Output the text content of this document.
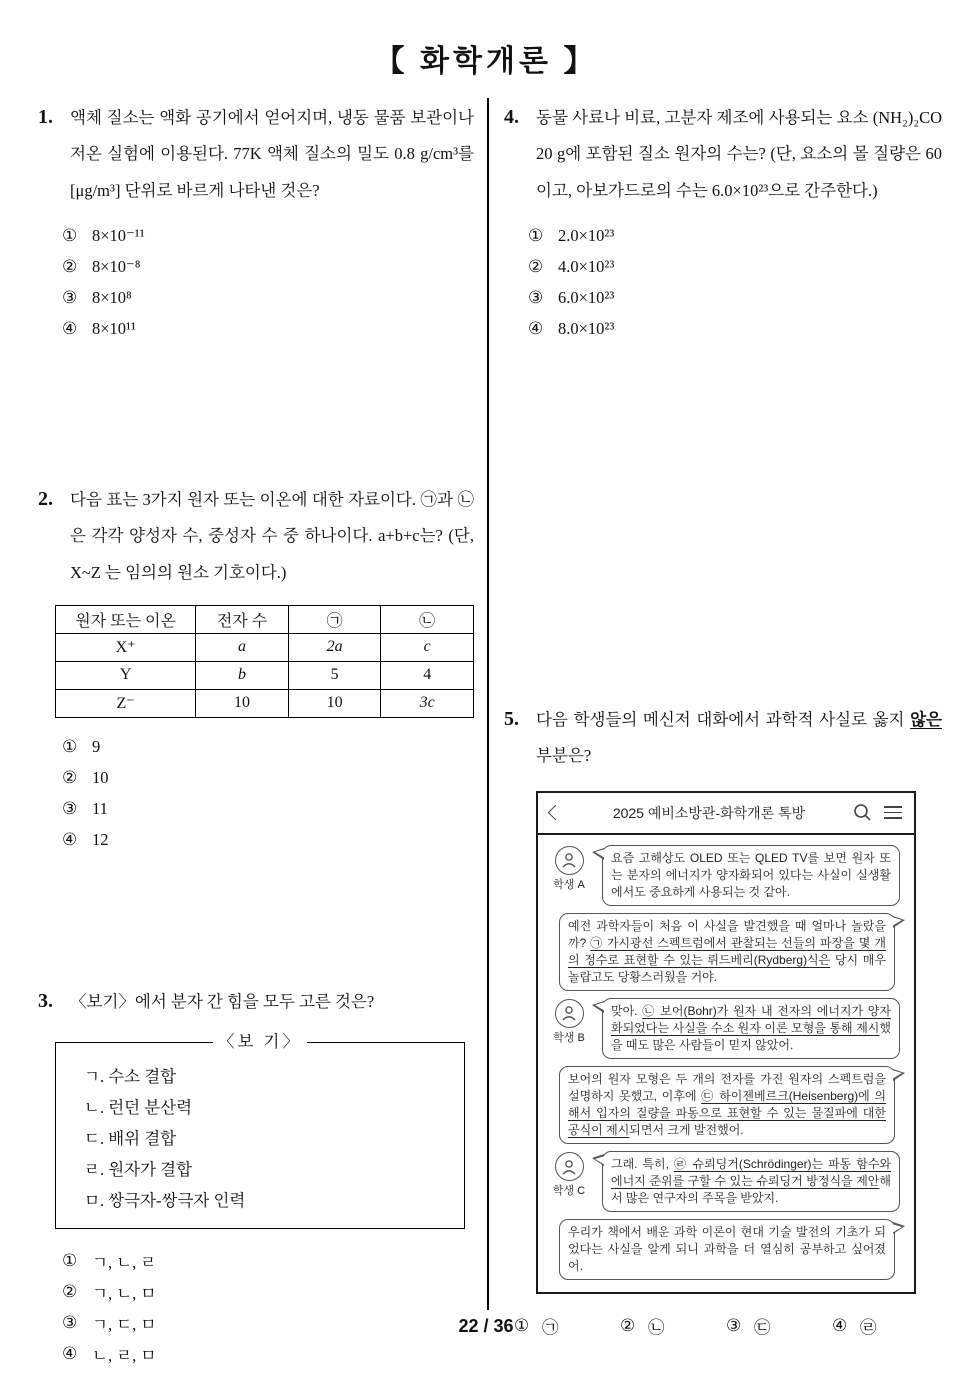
【 화학개론 】
1.	액체 질소는 액화 공기에서 얻어지며, 냉동 물품 보관이나 저온 실험에 이용된다. 77K 액체 질소의 밀도 0.8 g/cm³를 [μg/m³] 단위로 바르게 나타낸 것은?
① 8×10⁻¹¹
② 8×10⁻⁸
③ 8×10⁸
④ 8×10¹¹
2.	다음 표는 3가지 원자 또는 이온에 대한 자료이다. ㉠과 ㉡은 각각 양성자 수, 중성자 수 중 하나이다. a+b+c는? (단, X~Z 는 임의의 원소 기호이다.)
원자 또는 이온	전자 수	㉠	㉡
X⁺	a	2a	c
Y	b	5	4
Z⁻	10	10	3c
① 9
② 10
③ 11
④ 12
3.	〈보기〉에서 분자 간 힘을 모두 고른 것은?
〈보 기〉
ㄱ. 수소 결합
ㄴ. 런던 분산력
ㄷ. 배위 결합
ㄹ. 원자가 결합
ㅁ. 쌍극자-쌍극자 인력
① ㄱ, ㄴ, ㄹ
② ㄱ, ㄴ, ㅁ
③ ㄱ, ㄷ, ㅁ
④ ㄴ, ㄹ, ㅁ
4.	동물 사료나 비료, 고분자 제조에 사용되는 요소 (NH₂)₂CO 20 g에 포함된 질소 원자의 수는? (단, 요소의 몰 질량은 60이고, 아보가드로의 수는 6.0×10²³으로 간주한다.)
① 2.0×10²³
② 4.0×10²³
③ 6.0×10²³
④ 8.0×10²³
5.	다음 학생들의 메신저 대화에서 과학적 사실로 옳지 않은 부분은?
2025 예비소방관-화학개론 톡방
학생 A
요즘 고해상도 OLED 또는 QLED TV를 보면 원자 또는 분자의 에너지가 양자화되어 있다는 사실이 실생활에서도 중요하게 사용되는 것 같아.
예전 과학자들이 처음 이 사실을 발견했을 때 얼마나 놀랐을까? ㉠ 가시광선 스펙트럼에서 관찰되는 선들의 파장을 몇 개의 정수로 표현할 수 있는 뤼드베리(Rydberg)식은 당시 매우 놀랍고도 당황스러웠을 거야.
학생 B
맞아. ㉡ 보어(Bohr)가 원자 내 전자의 에너지가 양자화되었다는 사실을 수소 원자 이론 모형을 통해 제시했을 때도 많은 사람들이 믿지 않았어.
보어의 원자 모형은 두 개의 전자를 가진 원자의 스펙트럼을 설명하지 못했고, 이후에 ㉢ 하이젠베르크(Heisenberg)에 의해서 입자의 질량을 파동으로 표현할 수 있는 물질파에 대한 공식이 제시되면서 크게 발전했어.
학생 C
그래. 특히, ㉣ 슈뢰딩거(Schrödinger)는 파동 함수와 에너지 준위를 구할 수 있는 슈뢰딩거 방정식을 제안해서 많은 연구자의 주목을 받았지.
우리가 책에서 배운 과학 이론이 현대 기술 발전의 기초가 되었다는 사실을 알게 되니 과학을 더 열심히 공부하고 싶어졌어.
① ㉠	② ㉡	③ ㉢	④ ㉣
22 / 36
